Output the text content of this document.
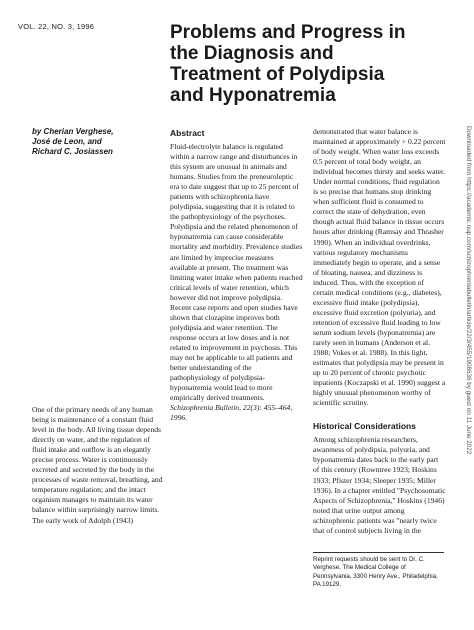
VOL. 22, NO. 3, 1996	Problems and Progress in
the Diagnosis and
Treatment of Polydipsia
and Hyponatremia
by Cherian Verghese,
José de Leon, and
Richard C. Josiassen
Abstract

Fluid-electrolyte balance is regulated within a narrow range and disturbances in this system are unusual in animals and humans. Studies from the preneuroleptic era to date suggest that up to 25 percent of patients with schizophrenia have polydipsia, suggesting that it is related to the pathophysiology of the psychoses. Polydipsia and the related phenomenon of hyponatremia can cause considerable mortality and morbidity. Prevalence studies are limited by imprecise measures available at present. The treatment was limiting water intake when patients reached critical levels of water retention, which however did not improve polydipsia. Recent case reports and open studies have shown that clozapine improves both polydipsia and water retention. The response occurs at low doses and is not related to improvement in psychosis. This may not be applicable to all patients and better understanding of the pathophysiology of polydipsia-hyponatremia would lead to more empirically derived treatments.

Schizophrenia Bulletin, 22(3): 455–464, 1996.

One of the primary needs of any human being is maintenance of a constant fluid level in the body. All living tissue depends directly on water, and the regulation of fluid intake and outflow is an elegantly precise process. Water is continuously excreted and secreted by the body in the processes of waste removal, breathing, and temperature regulation; and the intact organism manages to maintain its water balance within surprisingly narrow limits. The early work of Adolph (1943)

demonstrated that water balance is maintained at approximately + 0.22 percent of body weight. When water loss exceeds 0.5 percent of total body weight, an individual becomes thirsty and seeks water. Under normal conditions, fluid regulation is so precise that humans stop drinking when sufficient fluid is consumed to correct the state of dehydration, even though actual fluid balance in tissue occurs hours after drinking (Ramsay and Thrasher 1990). When an individual overdrinks, various regulatory mechanisms immediately begin to operate, and a sense of bloating, nausea, and dizziness is induced. Thus, with the exception of certain medical conditions (e.g., diabetes), excessive fluid intake (polydipsia), excessive fluid excretion (polyuria), and retention of excessive fluid leading to low serum sodium levels (hyponatremia) are rarely seen in humans (Anderson et al. 1988; Vokes et al. 1988). In this light, estimates that polydipsia may be present in up to 20 percent of chronic psychotic inpatients (Koczapski et al. 1990) suggest a highly unusual phenomenon worthy of scientific scrutiny.

Historical Considerations

Among schizophrenia researchers, awareness of polydipsia, polyuria, and hyponatremia dates back to the early part of this century (Rowntree 1923; Hoskins 1933; Pfister 1934; Sleeper 1935; Miller 1936). In a chapter entitled "Psychosomatic Aspects of Schizophrenia," Hoskins (1946) noted that urine output among schizophrenic patients was "nearly twice that of control subjects living in the

Reprint requests should be sent to Dr. C. Verghese, The Medical College of Pennsylvania, 3300 Henry Ave., Philadelphia, PA 19129.
Downloaded from https://academic.oup.com/schizophreniabulletin/article/22/3/455/1908636 by guest on 11 June 2022
